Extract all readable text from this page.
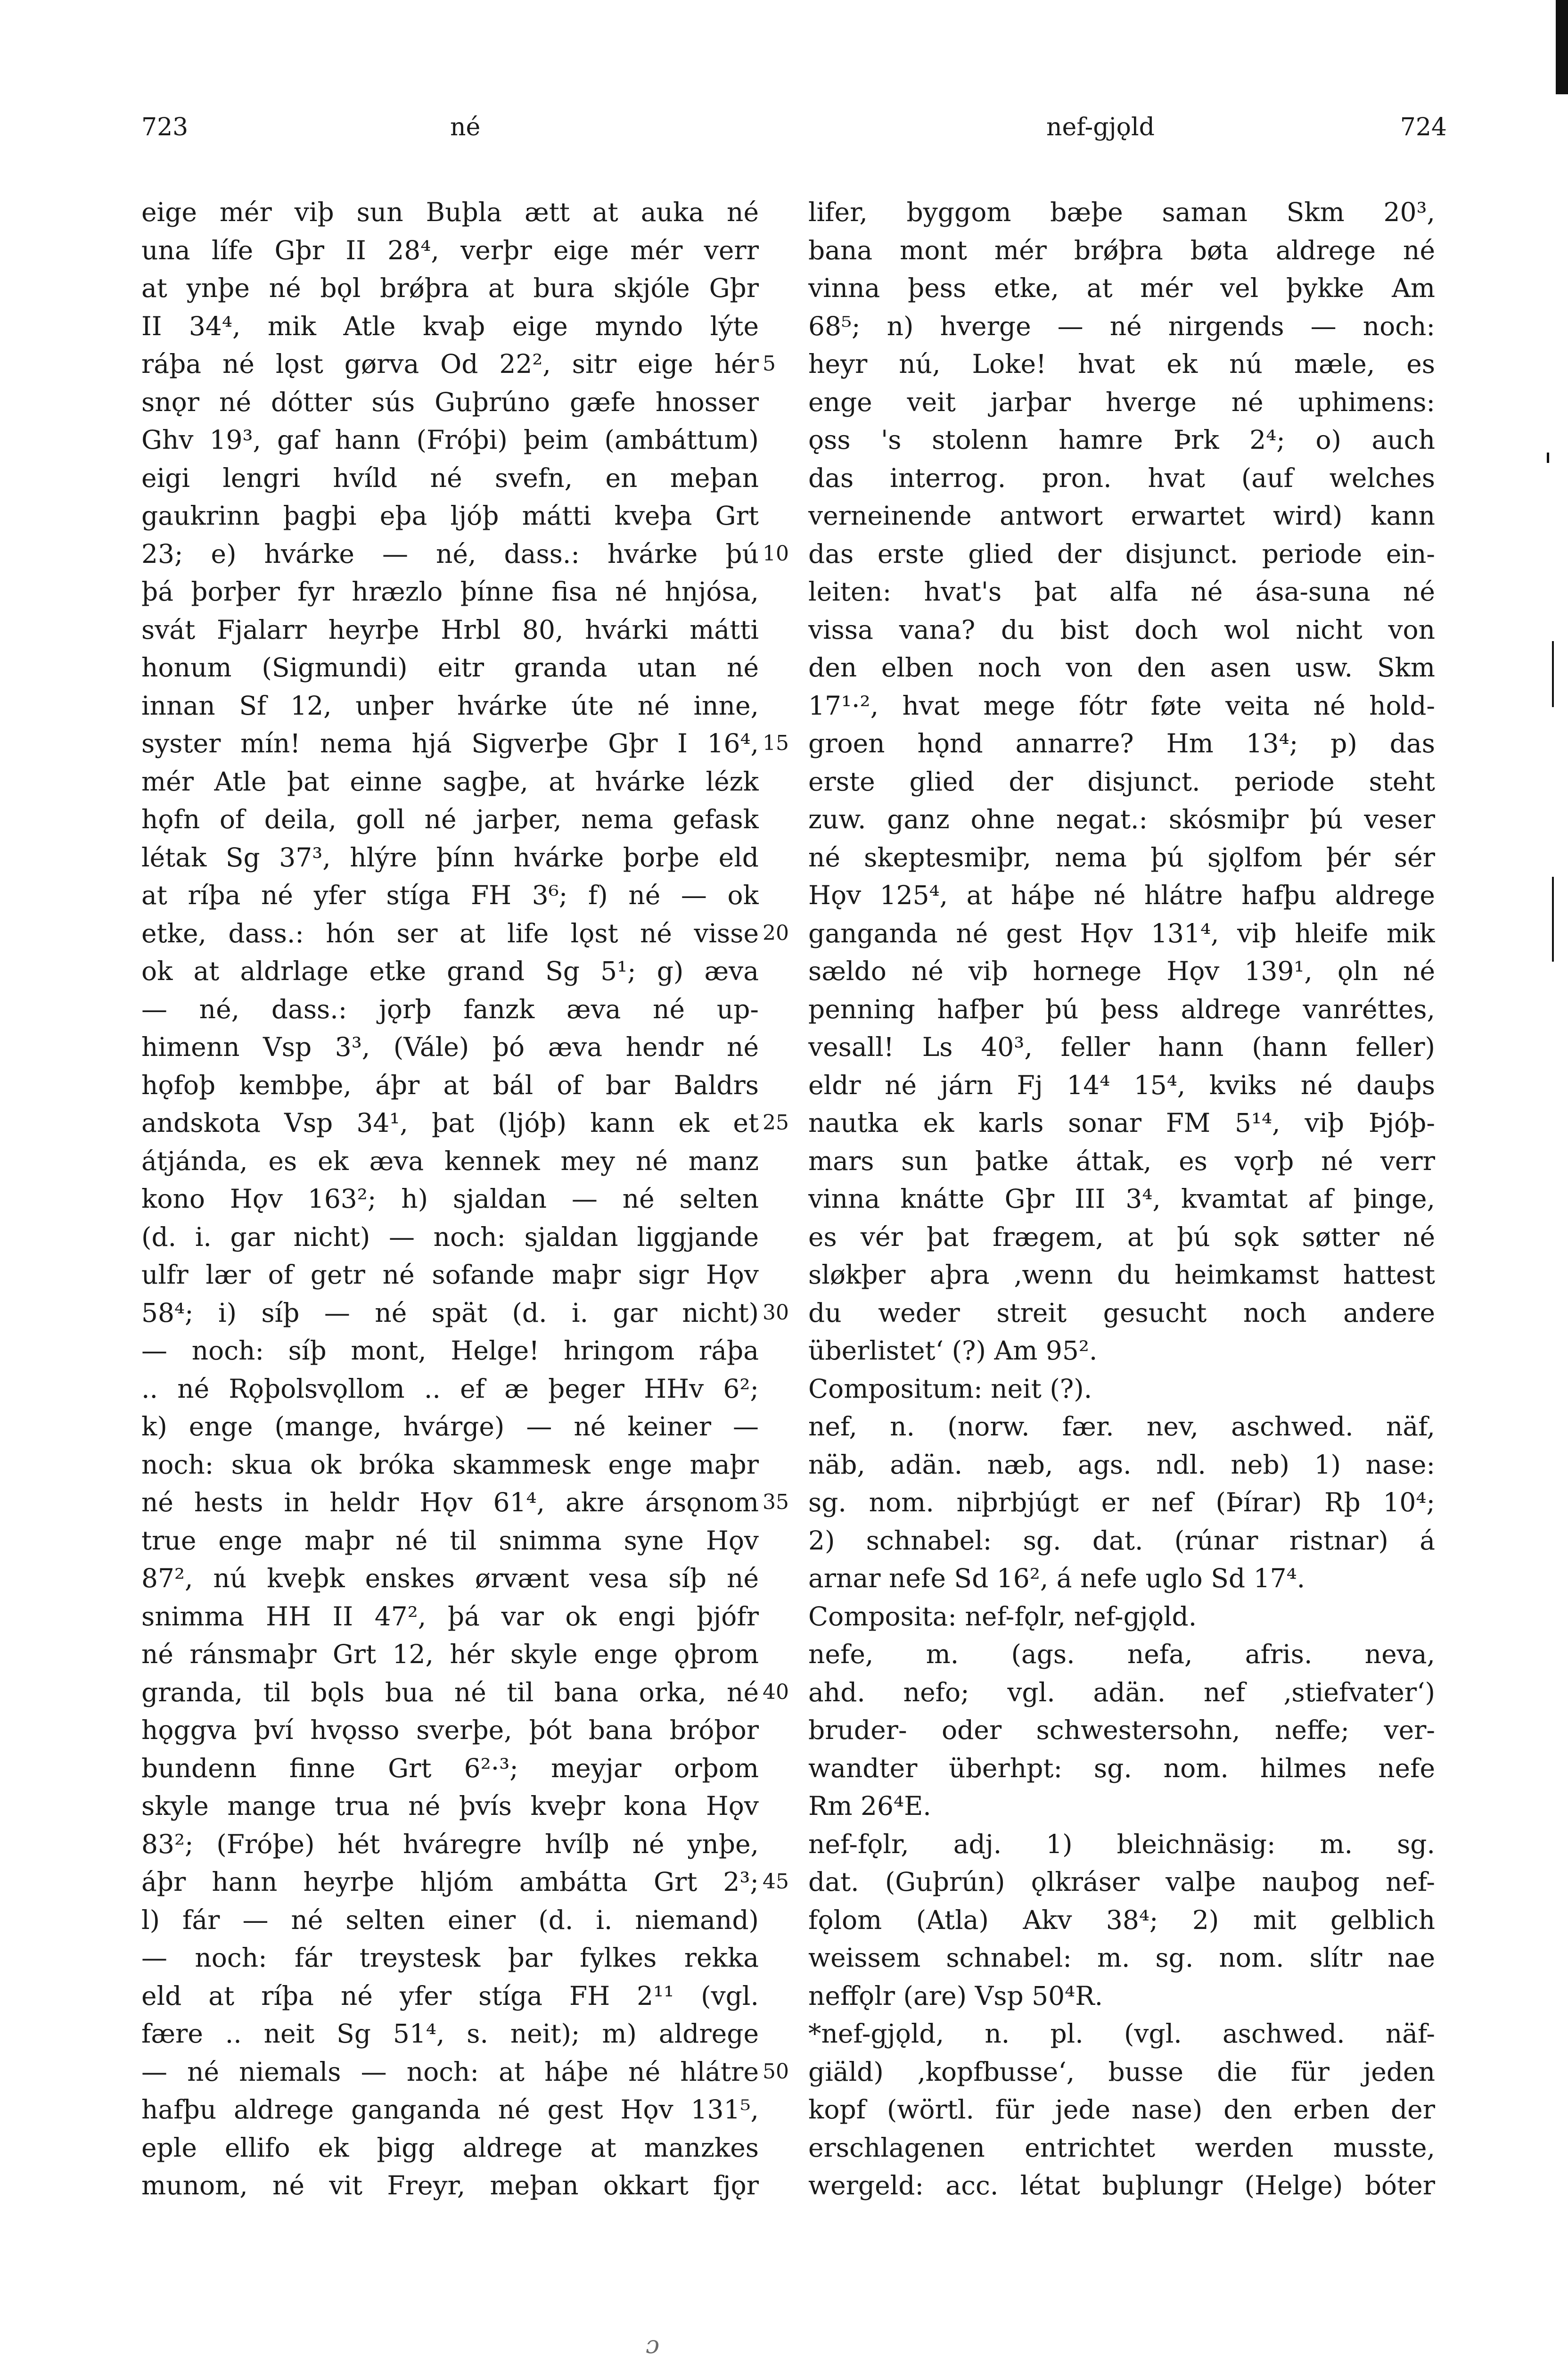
723	né	nef-gjǫld	724
eige mér viþ sun Buþla ætt at auka né
una lífe Gþr II 28⁴, verþr eige mér verr
at ynþe né bǫl brǿþra at bura skjóle Gþr
II 34⁴, mik Atle kvaþ eige myndo lýte
ráþa né lǫst gørva Od 22², sitr eige hér
snǫr né dótter sús Guþrúno gæfe hnosser
Ghv 19³, gaf hann (Fróþi) þeim (ambáttum)
eigi lengri hvíld né svefn, en meþan
gaukrinn þagþi eþa ljóþ mátti kveþa Grt
23; e) hvárke — né, dass.: hvárke þú
þá þorþer fyr hræzlo þínne fisa né hnjósa,
svát Fjalarr heyrþe Hrbl 80, hvárki mátti
honum (Sigmundi) eitr granda utan né
innan Sf 12, unþer hvárke úte né inne,
syster mín! nema hjá Sigverþe Gþr I 16⁴,
mér Atle þat einne sagþe, at hvárke lézk
hǫfn of deila, goll né jarþer, nema gefask
létak Sg 37³, hlýre þínn hvárke þorþe eld
at ríþa né yfer stíga FH 3⁶; f) né — ok
etke, dass.: hón ser at life lǫst né visse
ok at aldrlage etke grand Sg 5¹; g) æva
— né, dass.: jǫrþ fanzk æva né up-
himenn Vsp 3³, (Vále) þó æva hendr né
hǫfoþ kembþe, áþr at bál of bar Baldrs
andskota Vsp 34¹, þat (ljóþ) kann ek et
átjánda, es ek æva kennek mey né manz
kono Hǫv 163²; h) sjaldan — né selten
(d. i. gar nicht) — noch: sjaldan liggjande
ulfr lær of getr né sofande maþr sigr Hǫv
58⁴; i) síþ — né spät (d. i. gar nicht)
— noch: síþ mont, Helge! hringom ráþa
.. né Rǫþolsvǫllom .. ef æ þeger HHv 6²;
k) enge (mange, hvárge) — né keiner —
noch: skua ok bróka skammesk enge maþr
né hests in heldr Hǫv 61⁴, akre ársǫnom
true enge maþr né til snimma syne Hǫv
87², nú kveþk enskes ørvænt vesa síþ né
snimma HH II 47², þá var ok engi þjófr
né ránsmaþr Grt 12, hér skyle enge ǫþrom
granda, til bǫls bua né til bana orka, né
hǫggva því hvǫsso sverþe, þót bana bróþor
bundenn finne Grt 6²·³; meyjar orþom
skyle mange trua né þvís kveþr kona Hǫv
83²; (Fróþe) hét hváregre hvílþ né ynþe,
áþr hann heyrþe hljóm ambátta Grt 2³;
l) fár — né selten einer (d. i. niemand)
— noch: fár treystesk þar fylkes rekka
eld at ríþa né yfer stíga FH 2¹¹ (vgl.
fære .. neit Sg 51⁴, s. neit); m) aldrege
— né niemals — noch: at háþe né hlátre
hafþu aldrege ganganda né gest Hǫv 131⁵,
eple ellifo ek þigg aldrege at manzkes
munom, né vit Freyr, meþan okkart fjǫr
5
10
15
20
25
30
35
40
45
50
lifer, byggom bæþe saman Skm 20³,
bana mont mér brǿþra bøta aldrege né
vinna þess etke, at mér vel þykke Am
68⁵; n) hverge — né nirgends — noch:
heyr nú, Loke! hvat ek nú mæle, es
enge veit jarþar hverge né uphimens:
ǫss 's stolenn hamre Þrk 2⁴; o) auch
das interrog. pron. hvat (auf welches
verneinende antwort erwartet wird) kann
das erste glied der disjunct. periode ein-
leiten: hvat's þat alfa né ása-suna né
vissa vana? du bist doch wol nicht von
den elben noch von den asen usw. Skm
17¹·², hvat mege fótr føte veita né hold-
groen hǫnd annarre? Hm 13⁴; p) das
erste glied der disjunct. periode steht
zuw. ganz ohne negat.: skósmiþr þú veser
né skeptesmiþr, nema þú sjǫlfom þér sér
Hǫv 125⁴, at háþe né hlátre hafþu aldrege
ganganda né gest Hǫv 131⁴, viþ hleife mik
sældo né viþ hornege Hǫv 139¹, ǫln né
penning hafþer þú þess aldrege vanréttes,
vesall! Ls 40³, feller hann (hann feller)
eldr né járn Fj 14⁴ 15⁴, kviks né dauþs
nautka ek karls sonar FM 5¹⁴, viþ Þjóþ-
mars sun þatke áttak, es vǫrþ né verr
vinna knátte Gþr III 3⁴, kvamtat af þinge,
es vér þat frægem, at þú sǫk søtter né
sløkþer aþra ‚wenn du heimkamst hattest
du weder streit gesucht noch andere
überlistet‘ (?) Am 95².
Compositum: neit (?).
nef, n. (norw. fær. nev, aschwed. näf,
näb, adän. næb, ags. ndl. neb) 1) nase:
sg. nom. niþrbjúgt er nef (Þírar) Rþ 10⁴;
2) schnabel: sg. dat. (rúnar ristnar) á
arnar nefe Sd 16², á nefe uglo Sd 17⁴.
Composita: nef-fǫlr, nef-gjǫld.
nefe, m. (ags. nefa, afris. neva,
ahd. nefo; vgl. adän. nef ‚stiefvater‘)
bruder- oder schwestersohn, neffe; ver-
wandter überhpt: sg. nom. hilmes nefe
Rm 26⁴E.
nef-fǫlr, adj. 1) bleichnäsig: m. sg.
dat. (Guþrún) ǫlkráser valþe nauþog nef-
fǫlom (Atla) Akv 38⁴; 2) mit gelblich
weissem schnabel: m. sg. nom. slítr nae
neffǫlr (are) Vsp 50⁴R.
*nef-gjǫld, n. pl. (vgl. aschwed. näf-
giäld) ‚kopfbusse‘, busse die für jeden
kopf (wörtl. für jede nase) den erben der
erschlagenen entrichtet werden musste,
wergeld: acc. létat buþlungr (Helge) bóter
ɔ
